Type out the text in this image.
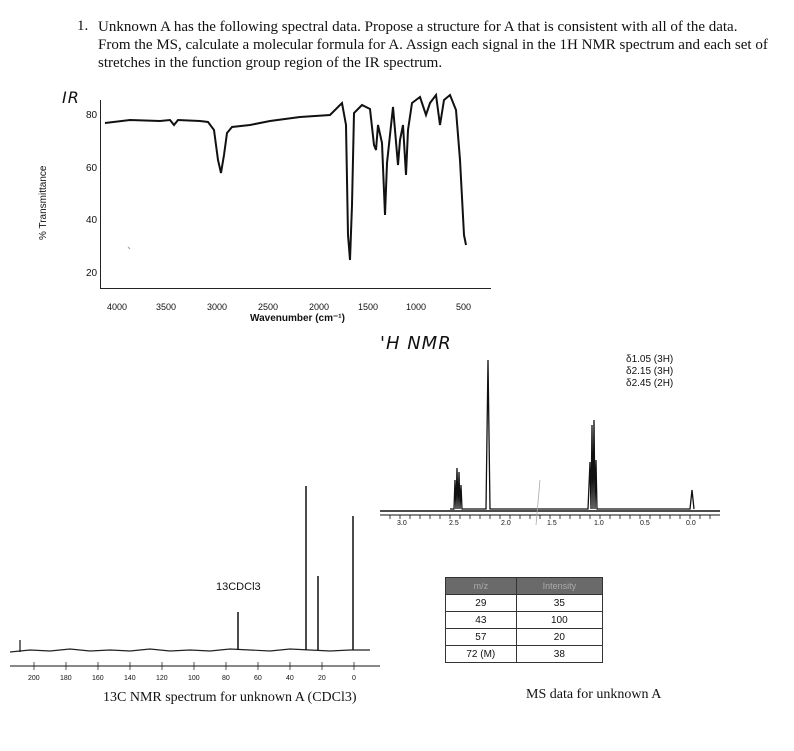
1. Unknown A has the following spectral data. Propose a structure for A that is consistent with all of the data. From the MS, calculate a molecular formula for A. Assign each signal in the 1H NMR spectrum and each set of stretches in the function group region of the IR spectrum.
IR
% Transmittance
80
60
40
20
4000	3500	3000	2500	2000	1500	1000	500
Wavenumber (cm⁻¹)
'H NMR
δ1.05 (3H)
δ2.15 (3H)
δ2.45 (2H)
3.0	2.5	2.0	1.5	1.0	0.5	0.0
13CDCl3
200	180	160	140	120	100	80	60	40	20	0
13C NMR spectrum for unknown A (CDCl3)
m/z	Intensity
29	35
43	100
57	20
72 (M)	38
MS data for unknown A
